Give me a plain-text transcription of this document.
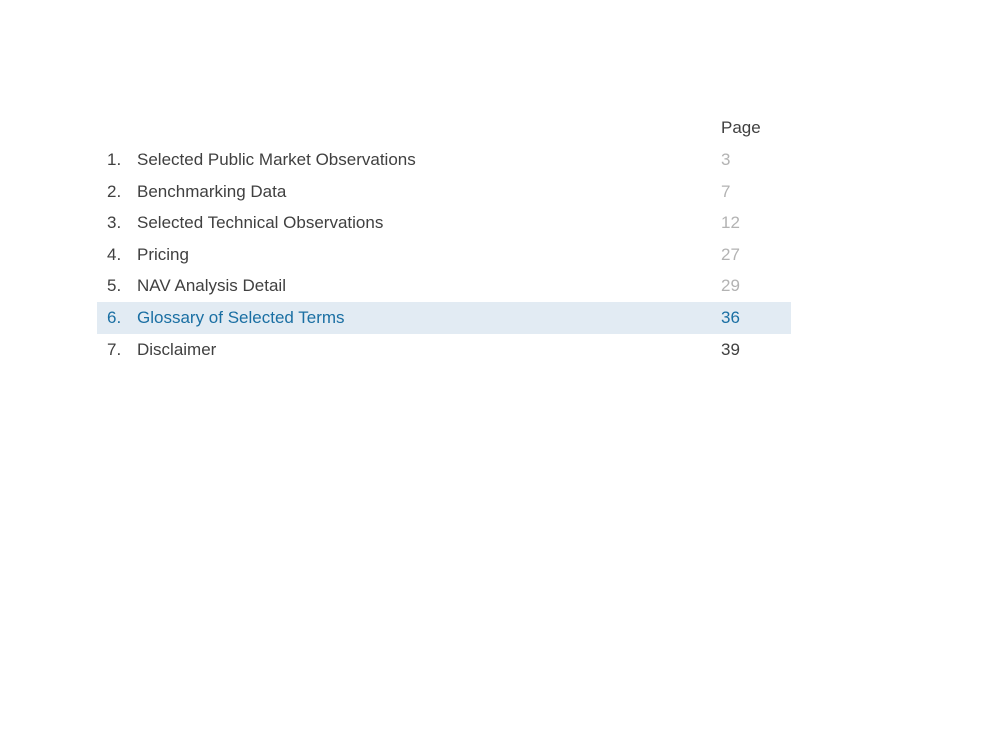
Page
1. Selected Public Market Observations	3
2. Benchmarking Data	7
3. Selected Technical Observations	12
4. Pricing	27
5. NAV Analysis Detail	29
6. Glossary of Selected Terms	36
7. Disclaimer	39
